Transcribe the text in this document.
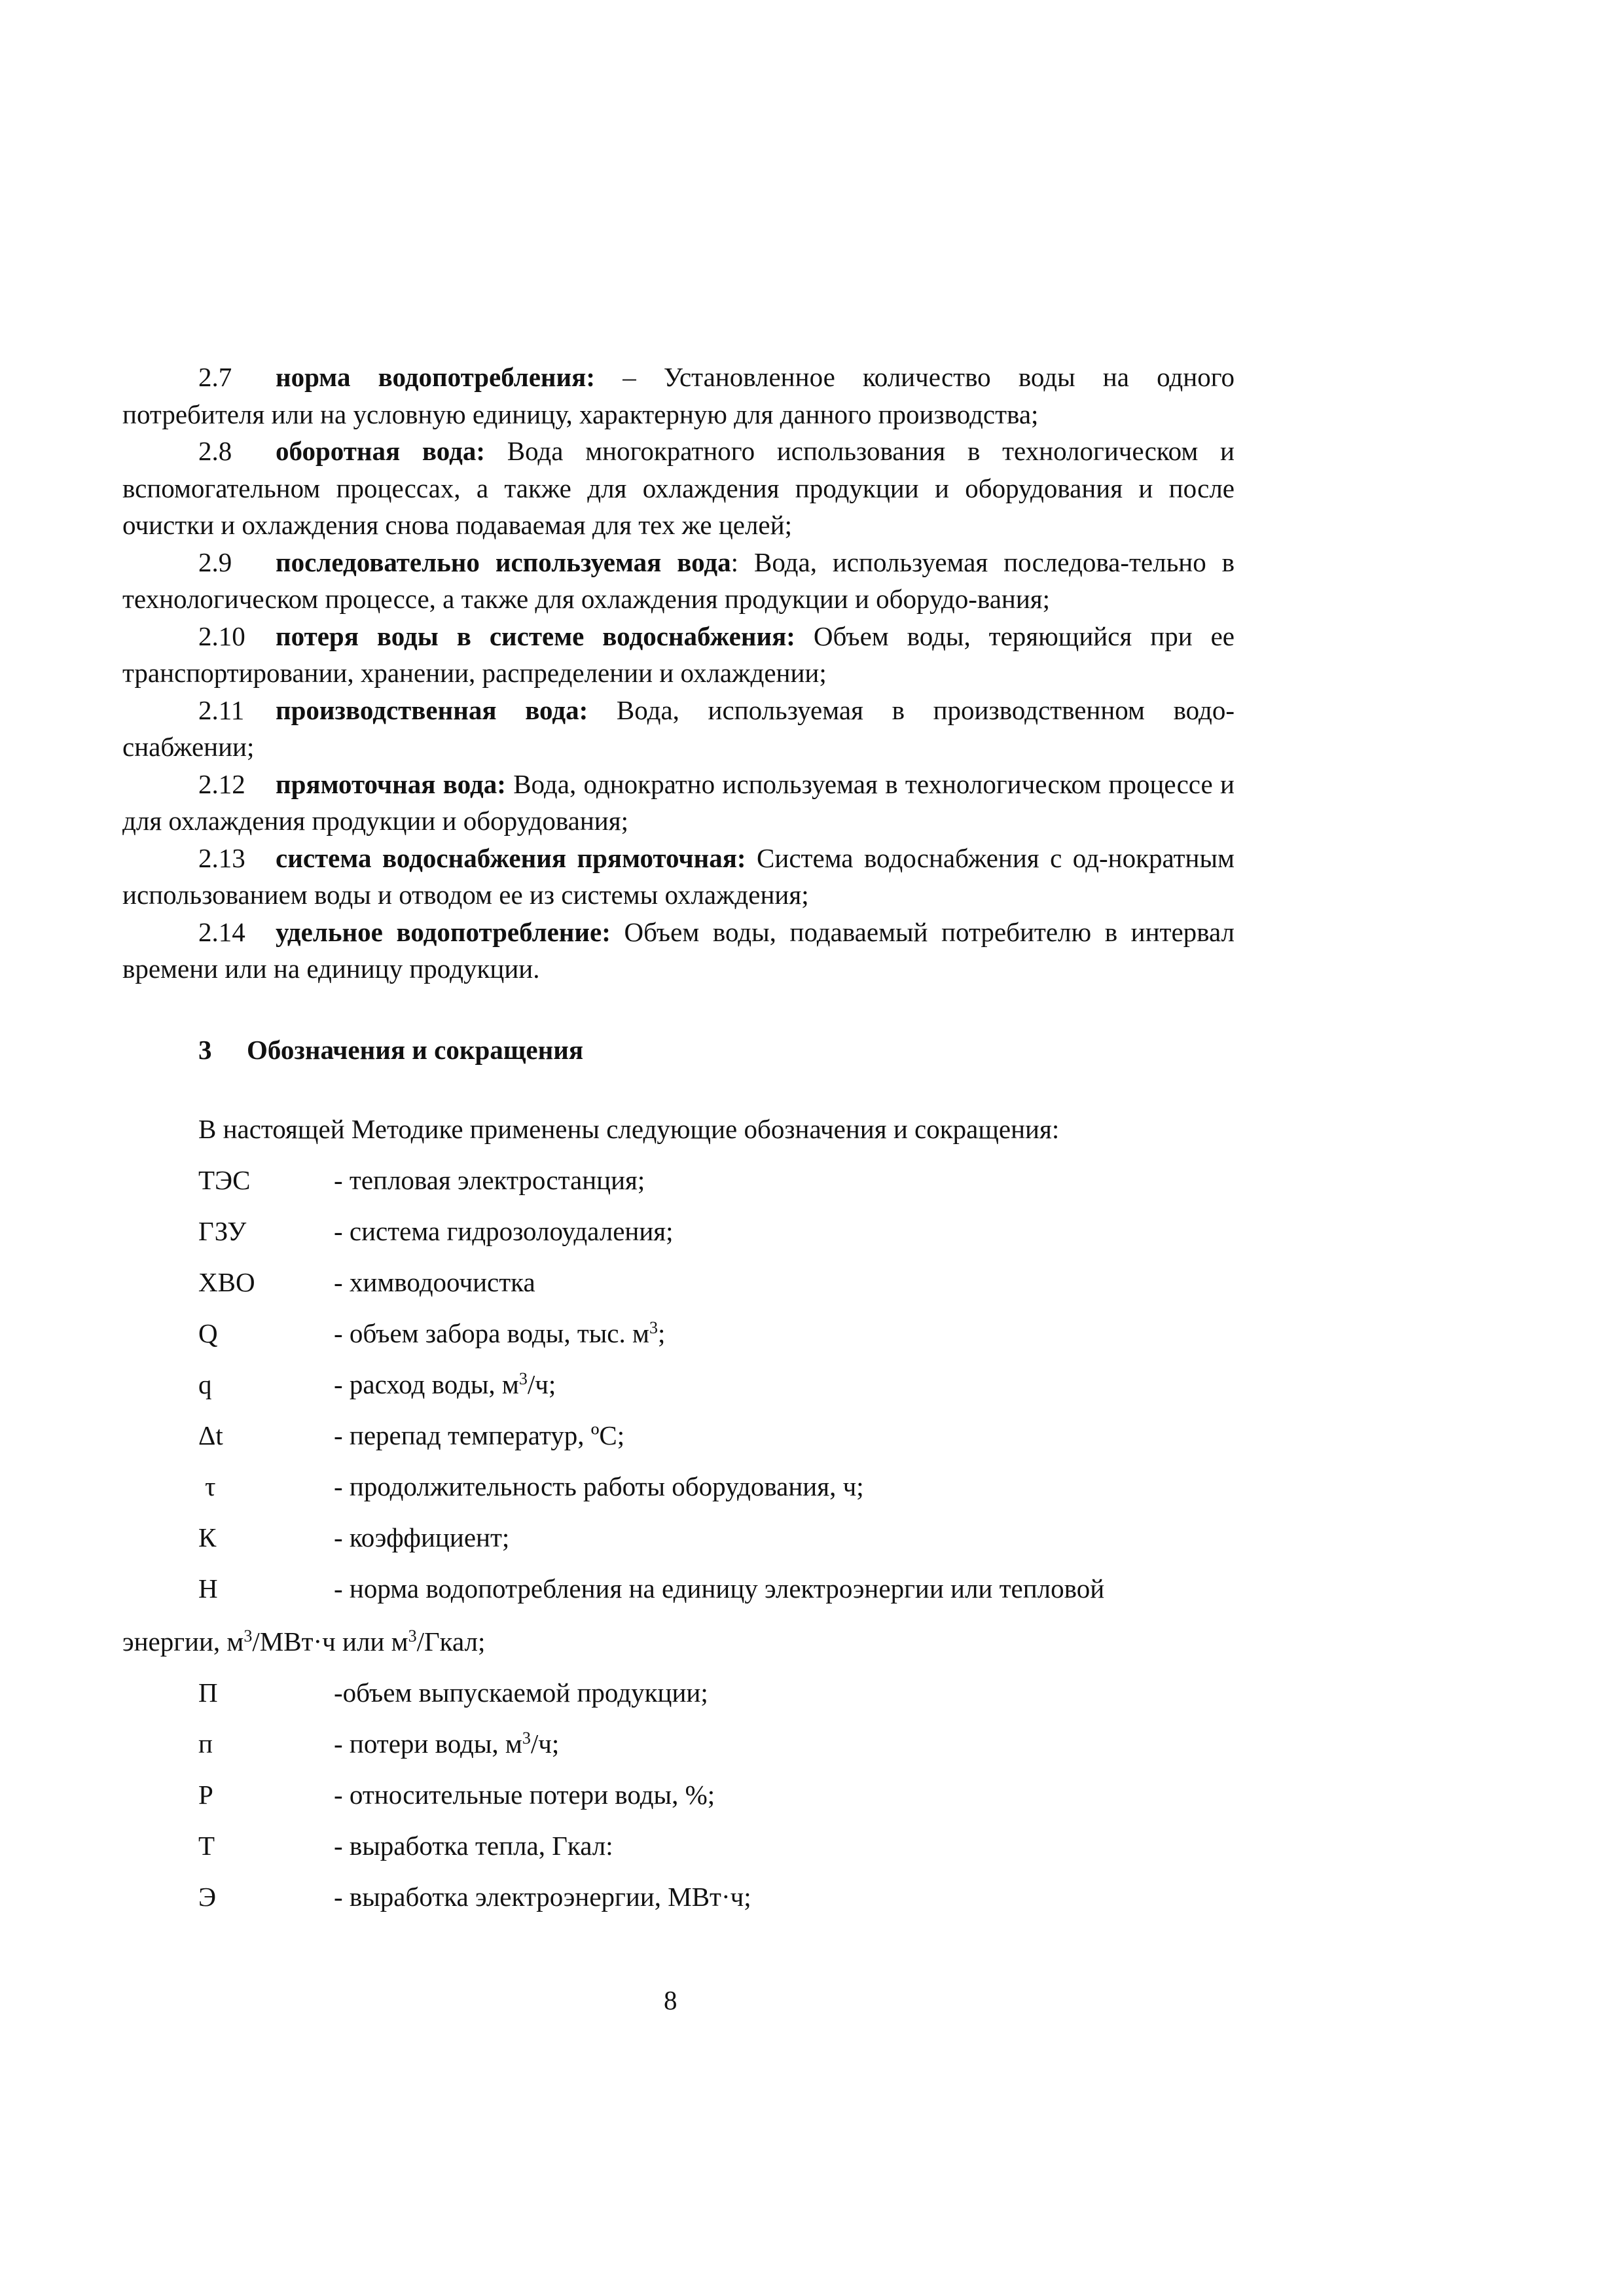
2.7 норма водопотребления: – Установленное количество воды на одного потребителя или на условную единицу, характерную для данного производства;

2.8 оборотная вода: Вода многократного использования в технологическом и вспомогательном процессах, а также для охлаждения продукции и оборудования и после очистки и охлаждения снова подаваемая для тех же целей;

2.9 последовательно используемая вода: Вода, используемая последова-тельно в технологическом процессе, а также для охлаждения продукции и оборудо-вания;

2.10 потеря воды в системе водоснабжения: Объем воды, теряющийся при ее транспортировании, хранении, распределении и охлаждении;

2.11 производственная вода: Вода, используемая в производственном водо-снабжении;

2.12 прямоточная вода: Вода, однократно используемая в технологическом процессе и для охлаждения продукции и оборудования;

2.13 система водоснабжения прямоточная: Система водоснабжения с од-нократным использованием воды и отводом ее из системы охлаждения;

2.14 удельное водопотребление: Объем воды, подаваемый потребителю в интервал времени или на единицу продукции.

3 Обозначения и сокращения
В настоящей Методике применены следующие обозначения и сокращения:
ТЭС	- тепловая электростанция;
ГЗУ	- система гидрозолоудаления;
ХВО	- химводоочистка
Q	- объем забора воды, тыс. $м^3$;
q	- расход воды, $м^3/ч$;
Δt	- перепад температур, ºС;
τ	- продолжительность работы оборудования, ч;
К	- коэффициент;
Н	- норма водопотребления на единицу электроэнергии или тепловой
энергии, $м^3/МВт\cdot ч$ или $м^3$/Гкал;
П	-объем выпускаемой продукции;
п	- потери воды, $м^3/ч$;
Р	- относительные потери воды, %;
Т	- выработка тепла, Гкал:
Э	- выработка электроэнергии, МВт·ч;
8
